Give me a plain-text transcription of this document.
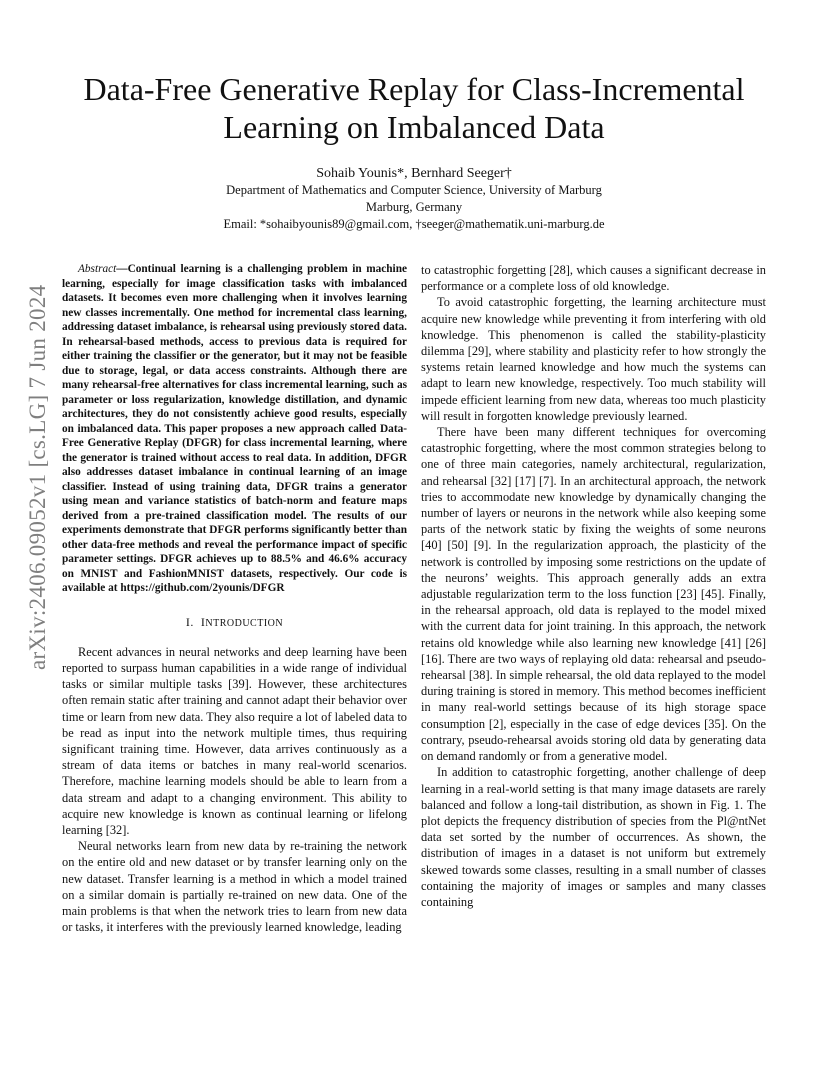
arXiv:2406.09052v1 [cs.LG] 7 Jun 2024
Data-Free Generative Replay for Class-Incremental Learning on Imbalanced Data
Sohaib Younis*, Bernhard Seeger†
Department of Mathematics and Computer Science, University of Marburg
Marburg, Germany
Email: *sohaibyounis89@gmail.com, †seeger@mathematik.uni-marburg.de

Abstract—Continual learning is a challenging problem in machine learning, especially for image classification tasks with imbalanced datasets. It becomes even more challenging when it involves learning new classes incrementally. One method for incremental class learning, addressing dataset imbalance, is rehearsal using previously stored data. In rehearsal-based methods, access to previous data is required for either training the classifier or the generator, but it may not be feasible due to storage, legal, or data access constraints. Although there are many rehearsal-free alternatives for class incremental learning, such as parameter or loss regularization, knowledge distillation, and dynamic architectures, they do not consistently achieve good results, especially on imbalanced data. This paper proposes a new approach called Data-Free Generative Replay (DFGR) for class incremental learning, where the generator is trained without access to real data. In addition, DFGR also addresses dataset imbalance in continual learning of an image classifier. Instead of using training data, DFGR trains a generator using mean and variance statistics of batch-norm and feature maps derived from a pre-trained classification model. The results of our experiments demonstrate that DFGR performs significantly better than other data-free methods and reveal the performance impact of specific parameter settings. DFGR achieves up to 88.5% and 46.6% accuracy on MNIST and FashionMNIST datasets, respectively. Our code is available at https://github.com/2younis/DFGR

I. INTRODUCTION

Recent advances in neural networks and deep learning have been reported to surpass human capabilities in a wide range of individual tasks or similar multiple tasks [39]. However, these architectures often remain static after training and cannot adapt their behavior over time or learn from new data. They also require a lot of labeled data to be read as input into the network multiple times, thus requiring significant training time. However, data arrives continuously as a stream of data items or batches in many real-world scenarios. Therefore, machine learning models should be able to learn from a data stream and adapt to a changing environment. This ability to acquire new knowledge is known as continual learning or lifelong learning [32].

Neural networks learn from new data by re-training the network on the entire old and new dataset or by transfer learning only on the new dataset. Transfer learning is a method in which a model trained on a similar domain is partially re-trained on new data. One of the main problems is that when the network tries to learn from new data or tasks, it interferes with the previously learned knowledge, leading

to catastrophic forgetting [28], which causes a significant decrease in performance or a complete loss of old knowledge.

To avoid catastrophic forgetting, the learning architecture must acquire new knowledge while preventing it from interfering with old knowledge. This phenomenon is called the stability-plasticity dilemma [29], where stability and plasticity refer to how strongly the systems retain learned knowledge and how much the systems can adapt to learn new knowledge, respectively. Too much stability will impede efficient learning from new data, whereas too much plasticity will result in forgotten knowledge previously learned.

There have been many different techniques for overcoming catastrophic forgetting, where the most common strategies belong to one of three main categories, namely architectural, regularization, and rehearsal [32] [17] [7]. In an architectural approach, the network tries to accommodate new knowledge by dynamically changing the number of layers or neurons in the network while also keeping some parts of the network static by fixing the weights of some neurons [40] [50] [9]. In the regularization approach, the plasticity of the network is controlled by imposing some restrictions on the update of the neurons’ weights. This approach generally adds an extra adjustable regularization term to the loss function [23] [45]. Finally, in the rehearsal approach, old data is replayed to the model mixed with the current data for joint training. In this approach, the network retains old knowledge while also learning new knowledge [41] [26] [16]. There are two ways of replaying old data: rehearsal and pseudo-rehearsal [38]. In simple rehearsal, the old data replayed to the model during training is stored in memory. This method becomes inefficient in many real-world settings because of its high storage space consumption [2], especially in the case of edge devices [35]. On the contrary, pseudo-rehearsal avoids storing old data by generating data on demand randomly or from a generative model.

In addition to catastrophic forgetting, another challenge of deep learning in a real-world setting is that many image datasets are rarely balanced and follow a long-tail distribution, as shown in Fig. 1. The plot depicts the frequency distribution of species from the Pl@ntNet data set sorted by the number of occurrences. As shown, the distribution of images in a dataset is not uniform but extremely skewed towards some classes, resulting in a small number of classes containing the majority of images or samples and many classes containing
